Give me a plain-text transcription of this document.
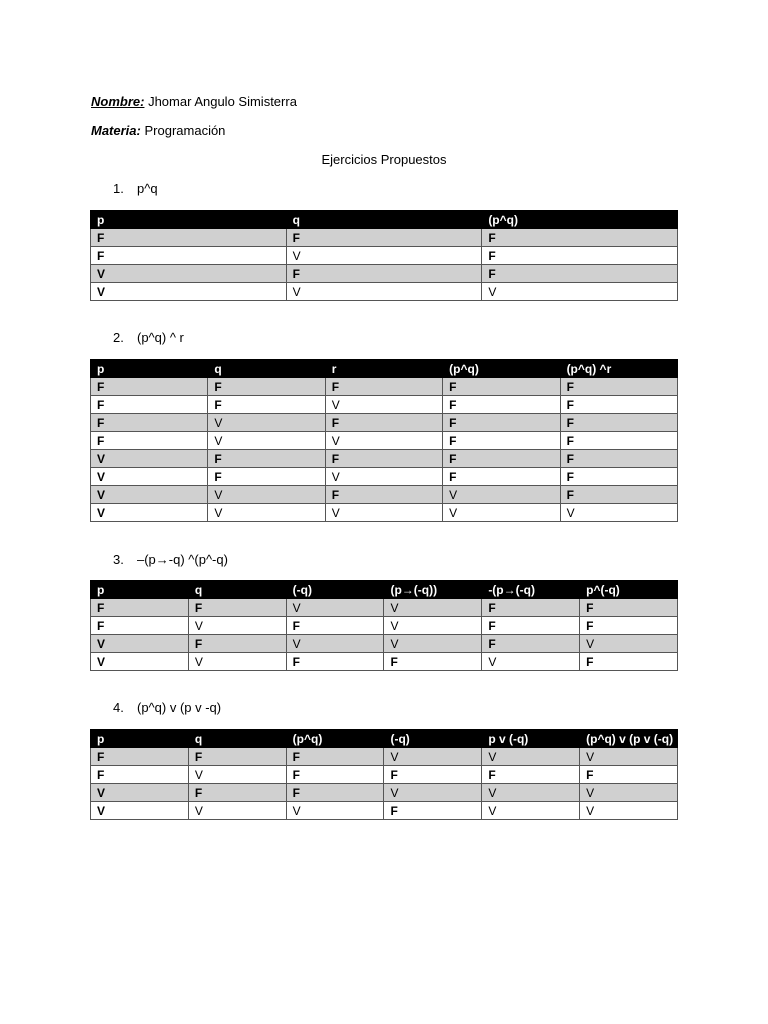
Nombre: Jhomar Angulo Simisterra
Materia: Programación
Ejercicios Propuestos
1. p^q
p	q	(p^q)
F	F	F
F	V	F
V	F	F
V	V	V
2. (p^q) ^ r
p	q	r	(p^q)	(p^q) ^r
F	F	F	F	F
F	F	V	F	F
F	V	F	F	F
F	V	V	F	F
V	F	F	F	F
V	F	V	F	F
V	V	F	V	F
V	V	V	V	V
3. –(p→-q) ^(p^-q)
p	q	(-q)	(p→(-q))	-(p→(-q)	p^(-q)
F	F	V	V	F	F
F	V	F	V	F	F
V	F	V	V	F	V
V	V	F	F	V	F
4. (p^q) v (p v -q)
p	q	(p^q)	(-q)	p v (-q)	(p^q) v (p v (-q)
F	F	F	V	V	V
F	V	F	F	F	F
V	F	F	V	V	V
V	V	V	F	V	V
